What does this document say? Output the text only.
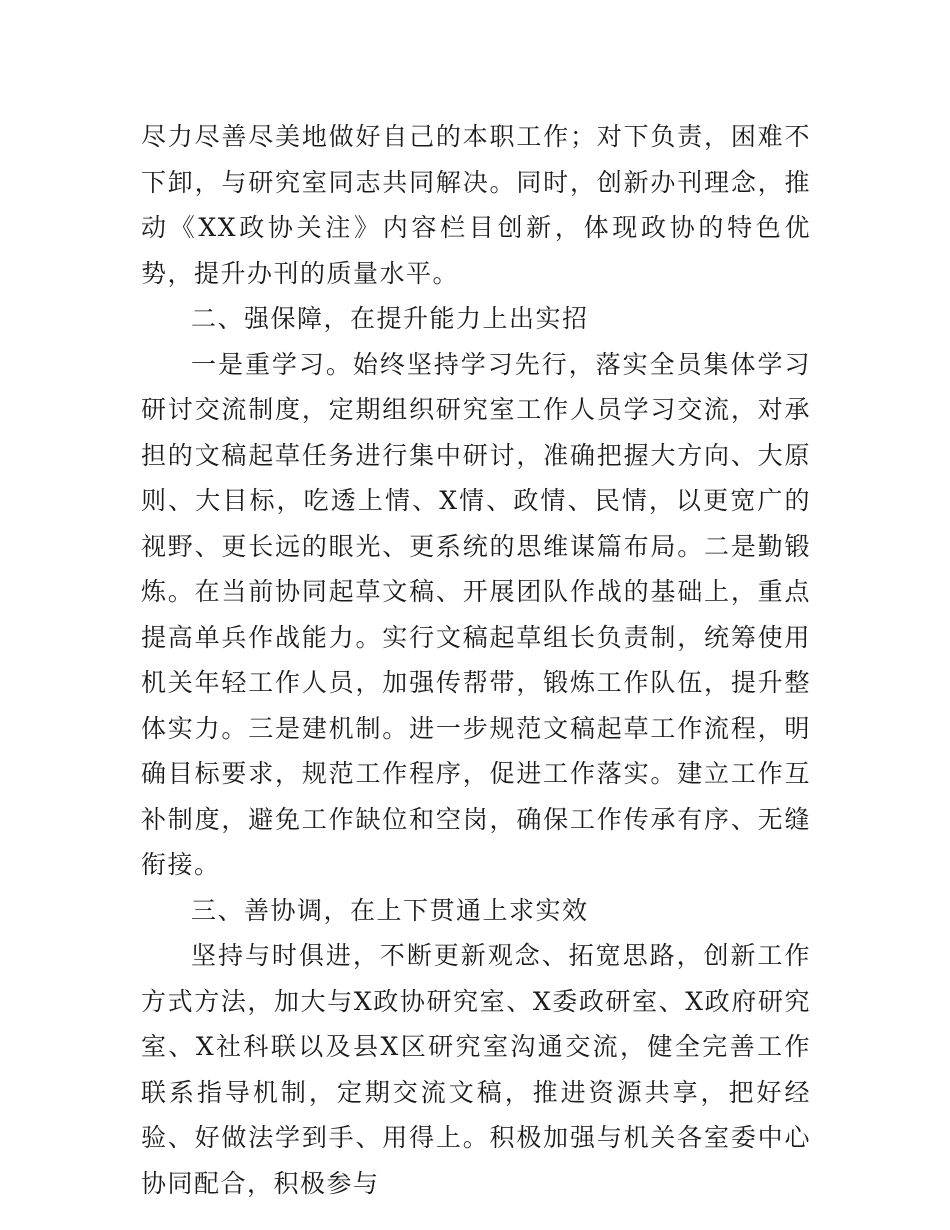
尽力尽善尽美地做好自己的本职工作；对下负责，困难不下卸，与研究室同志共同解决。同时，创新办刊理念，推动《XX政协关注》内容栏目创新，体现政协的特色优势，提升办刊的质量水平。

二、强保障，在提升能力上出实招

一是重学习。始终坚持学习先行，落实全员集体学习研讨交流制度，定期组织研究室工作人员学习交流，对承担的文稿起草任务进行集中研讨，准确把握大方向、大原则、大目标，吃透上情、X情、政情、民情，以更宽广的视野、更长远的眼光、更系统的思维谋篇布局。二是勤锻炼。在当前协同起草文稿、开展团队作战的基础上，重点提高单兵作战能力。实行文稿起草组长负责制，统筹使用机关年轻工作人员，加强传帮带，锻炼工作队伍，提升整体实力。三是建机制。进一步规范文稿起草工作流程，明确目标要求，规范工作程序，促进工作落实。建立工作互补制度，避免工作缺位和空岗，确保工作传承有序、无缝衔接。

三、善协调，在上下贯通上求实效

坚持与时俱进，不断更新观念、拓宽思路，创新工作方式方法，加大与X政协研究室、X委政研室、X政府研究室、X社科联以及县X区研究室沟通交流，健全完善工作联系指导机制，定期交流文稿，推进资源共享，把好经验、好做法学到手、用得上。积极加强与机关各室委中心协同配合，积极参与
